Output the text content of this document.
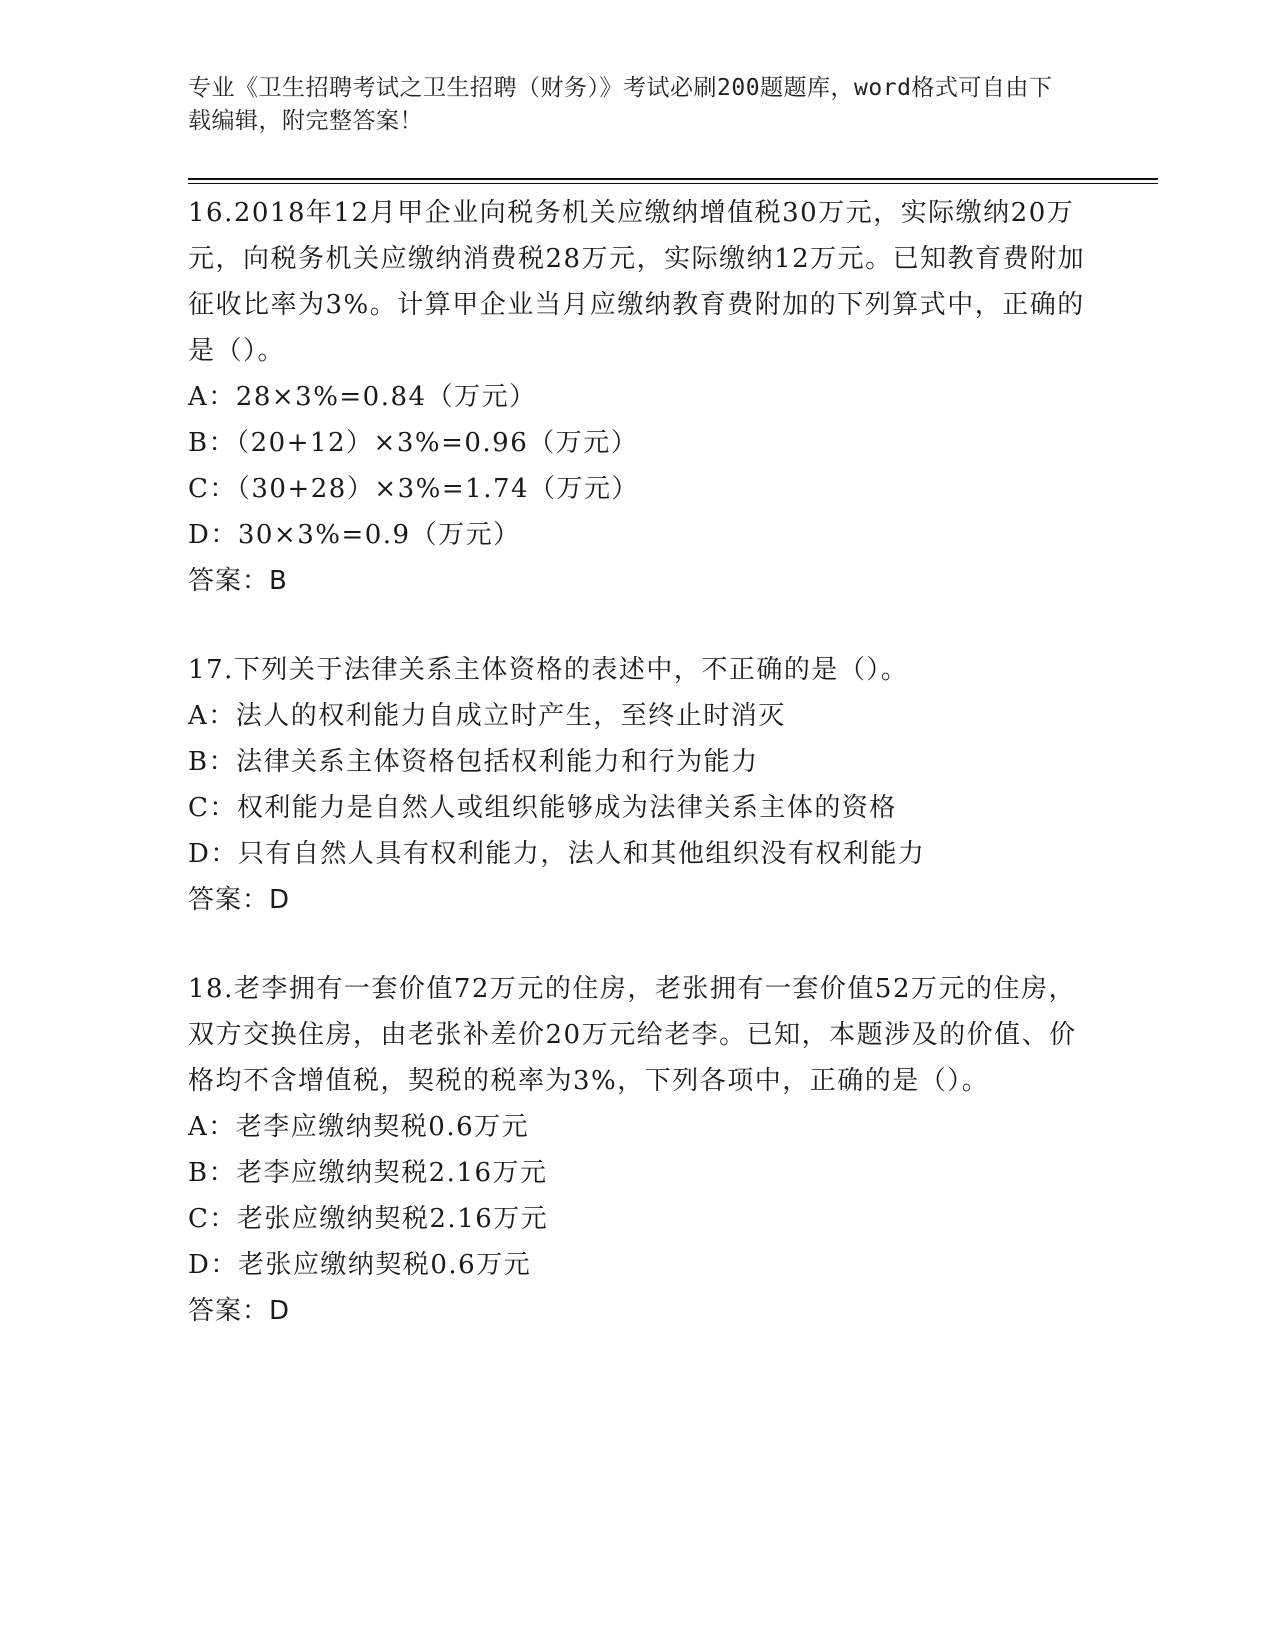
专业《卫生招聘考试之卫生招聘（财务）》考试必刷200题题库，word格式可自由下载编辑，附完整答案！

16.2018年12月甲企业向税务机关应缴纳增值税30万元，实际缴纳20万元，向税务机关应缴纳消费税28万元，实际缴纳12万元。已知教育费附加征收比率为3%。计算甲企业当月应缴纳教育费附加的下列算式中，正确的是（）。

A：28×3%=0.84（万元）

B：（20+12）×3%=0.96（万元）

C：（30+28）×3%=1.74（万元）

D：30×3%=0.9（万元）

答案：B

17.下列关于法律关系主体资格的表述中，不正确的是（）。

A：法人的权利能力自成立时产生，至终止时消灭

B：法律关系主体资格包括权利能力和行为能力

C：权利能力是自然人或组织能够成为法律关系主体的资格

D：只有自然人具有权利能力，法人和其他组织没有权利能力

答案：D

18.老李拥有一套价值72万元的住房，老张拥有一套价值52万元的住房，双方交换住房，由老张补差价20万元给老李。已知，本题涉及的价值、价格均不含增值税，契税的税率为3%，下列各项中，正确的是（）。

A：老李应缴纳契税0.6万元

B：老李应缴纳契税2.16万元

C：老张应缴纳契税2.16万元

D：老张应缴纳契税0.6万元

答案：D
